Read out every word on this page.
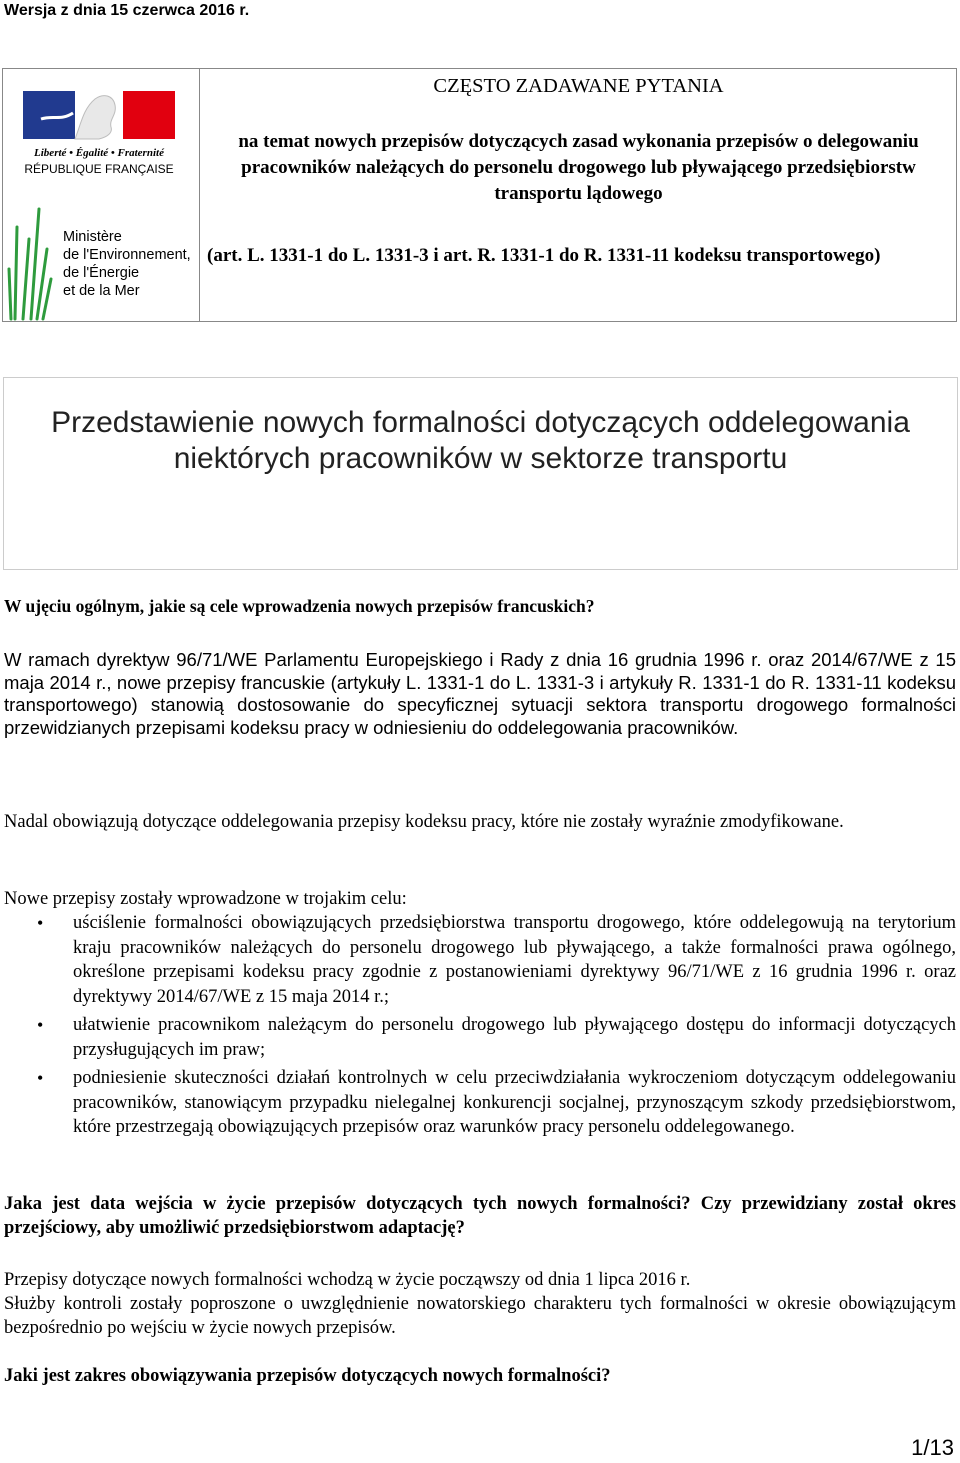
Wersja z dnia 15 czerwca 2016 r.
Liberté • Égalité • Fraternité
RÉPUBLIQUE FRANÇAISE
Ministère de l'Environnement, de l'Énergie et de la Mer
CZĘSTO ZADAWANE PYTANIA
na temat nowych przepisów dotyczących zasad wykonania przepisów o delegowaniu pracowników należących do personelu drogowego lub pływającego przedsiębiorstw transportu lądowego
(art. L. 1331-1 do L. 1331-3 i art. R. 1331-1 do R. 1331-11 kodeksu transportowego)
Przedstawienie nowych formalności dotyczących oddelegowania niektórych pracowników w sektorze transportu
W ujęciu ogólnym, jakie są cele wprowadzenia nowych przepisów francuskich?
W ramach dyrektyw 96/71/WE Parlamentu Europejskiego i Rady z dnia 16 grudnia 1996 r. oraz 2014/67/WE z 15 maja 2014 r., nowe przepisy francuskie (artykuły L. 1331-1 do L. 1331-3 i artykuły R. 1331-1 do R. 1331-11 kodeksu transportowego) stanowią dostosowanie do specyficznej sytuacji sektora transportu drogowego formalności przewidzianych przepisami kodeksu pracy w odniesieniu do oddelegowania pracowników.
Nadal obowiązują dotyczące oddelegowania przepisy kodeksu pracy, które nie zostały wyraźnie zmodyfikowane.
Nowe przepisy zostały wprowadzone w trojakim celu:
• uściślenie formalności obowiązujących przedsiębiorstwa transportu drogowego, które oddelegowują na terytorium kraju pracowników należących do personelu drogowego lub pływającego, a także formalności prawa ogólnego, określone przepisami kodeksu pracy zgodnie z postanowieniami dyrektywy 96/71/WE z 16 grudnia 1996 r. oraz dyrektywy 2014/67/WE z 15 maja 2014 r.;
• ułatwienie pracownikom należącym do personelu drogowego lub pływającego dostępu do informacji dotyczących przysługujących im praw;
• podniesienie skuteczności działań kontrolnych w celu przeciwdziałania wykroczeniom dotyczącym oddelegowaniu pracowników, stanowiącym przypadku nielegalnej konkurencji socjalnej, przynoszącym szkody przedsiębiorstwom, które przestrzegają obowiązujących przepisów oraz warunków pracy personelu oddelegowanego.
Jaka jest data wejścia w życie przepisów dotyczących tych nowych formalności? Czy przewidziany został okres przejściowy, aby umożliwić przedsiębiorstwom adaptację?
Przepisy dotyczące nowych formalności wchodzą w życie począwszy od dnia 1 lipca 2016 r.
Służby kontroli zostały poproszone o uwzględnienie nowatorskiego charakteru tych formalności w okresie obowiązującym bezpośrednio po wejściu w życie nowych przepisów.
Jaki jest zakres obowiązywania przepisów dotyczących nowych formalności?
1/13
